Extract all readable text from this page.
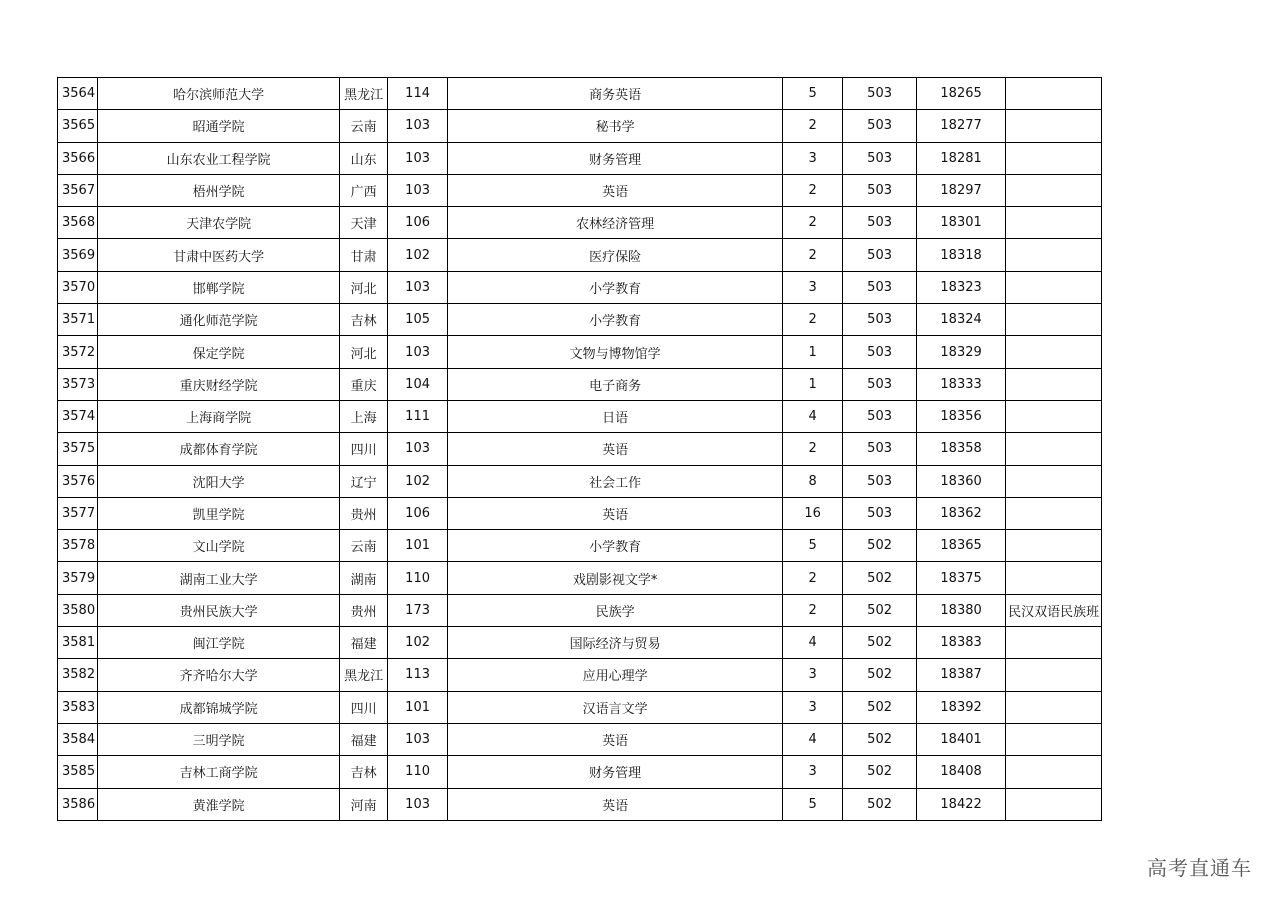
3564	哈尔滨师范大学	黑龙江	114	商务英语	5	503	18265	
3565	昭通学院	云南	103	秘书学	2	503	18277	
3566	山东农业工程学院	山东	103	财务管理	3	503	18281	
3567	梧州学院	广西	103	英语	2	503	18297	
3568	天津农学院	天津	106	农林经济管理	2	503	18301	
3569	甘肃中医药大学	甘肃	102	医疗保险	2	503	18318	
3570	邯郸学院	河北	103	小学教育	3	503	18323	
3571	通化师范学院	吉林	105	小学教育	2	503	18324	
3572	保定学院	河北	103	文物与博物馆学	1	503	18329	
3573	重庆财经学院	重庆	104	电子商务	1	503	18333	
3574	上海商学院	上海	111	日语	4	503	18356	
3575	成都体育学院	四川	103	英语	2	503	18358	
3576	沈阳大学	辽宁	102	社会工作	8	503	18360	
3577	凯里学院	贵州	106	英语	16	503	18362	
3578	文山学院	云南	101	小学教育	5	502	18365	
3579	湖南工业大学	湖南	110	戏剧影视文学*	2	502	18375	
3580	贵州民族大学	贵州	173	民族学	2	502	18380	民汉双语民族班
3581	闽江学院	福建	102	国际经济与贸易	4	502	18383	
3582	齐齐哈尔大学	黑龙江	113	应用心理学	3	502	18387	
3583	成都锦城学院	四川	101	汉语言文学	3	502	18392	
3584	三明学院	福建	103	英语	4	502	18401	
3585	吉林工商学院	吉林	110	财务管理	3	502	18408	
3586	黄淮学院	河南	103	英语	5	502	18422	
高考直通车
